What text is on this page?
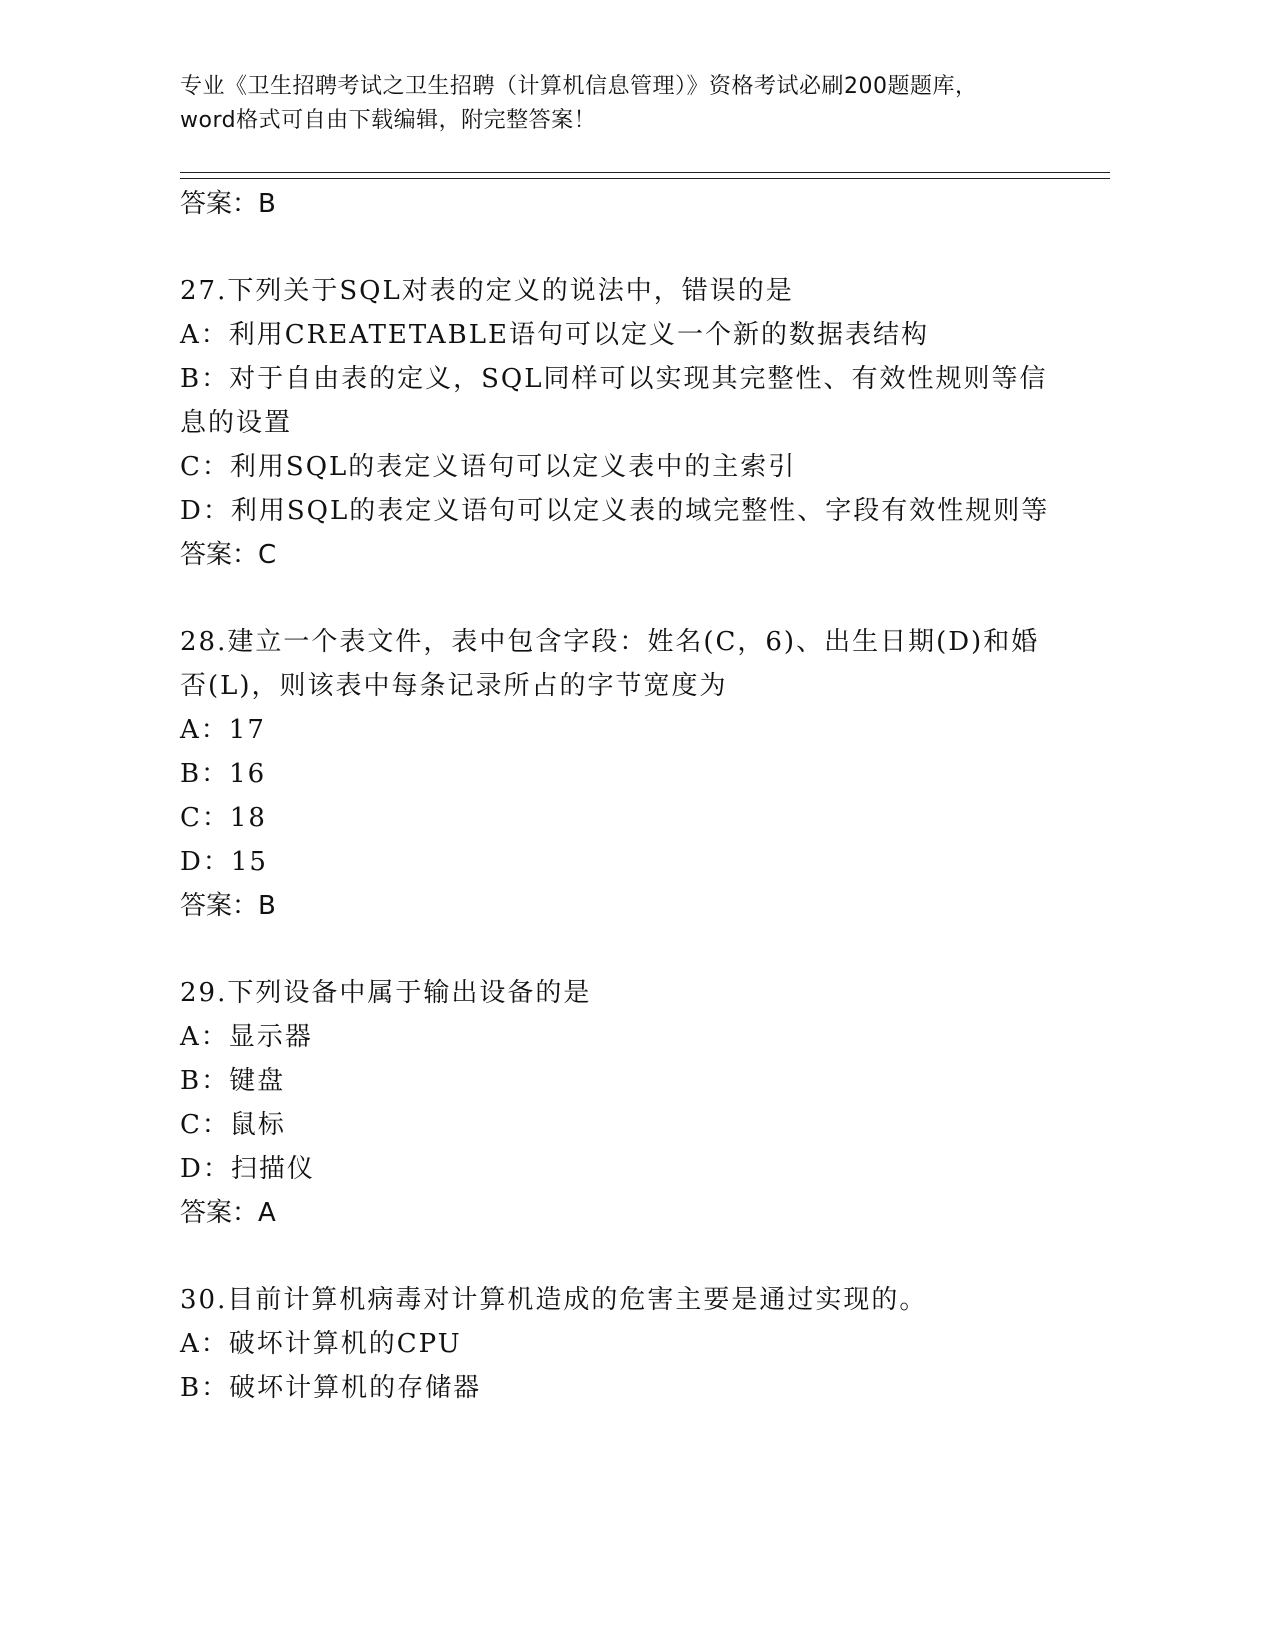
专业《卫生招聘考试之卫生招聘（计算机信息管理）》资格考试必刷200题题库，
word格式可自由下载编辑，附完整答案！
答案：B
27.下列关于SQL对表的定义的说法中，错误的是
A：利用CREATETABLE语句可以定义一个新的数据表结构
B：对于自由表的定义，SQL同样可以实现其完整性、有效性规则等信
息的设置
C：利用SQL的表定义语句可以定义表中的主索引
D：利用SQL的表定义语句可以定义表的域完整性、字段有效性规则等
答案：C
28.建立一个表文件，表中包含字段：姓名(C，6)、出生日期(D)和婚
否(L)，则该表中每条记录所占的字节宽度为
A：17
B：16
C：18
D：15
答案：B
29.下列设备中属于输出设备的是
A：显示器
B：键盘
C：鼠标
D：扫描仪
答案：A
30.目前计算机病毒对计算机造成的危害主要是通过实现的。
A：破坏计算机的CPU
B：破坏计算机的存储器
